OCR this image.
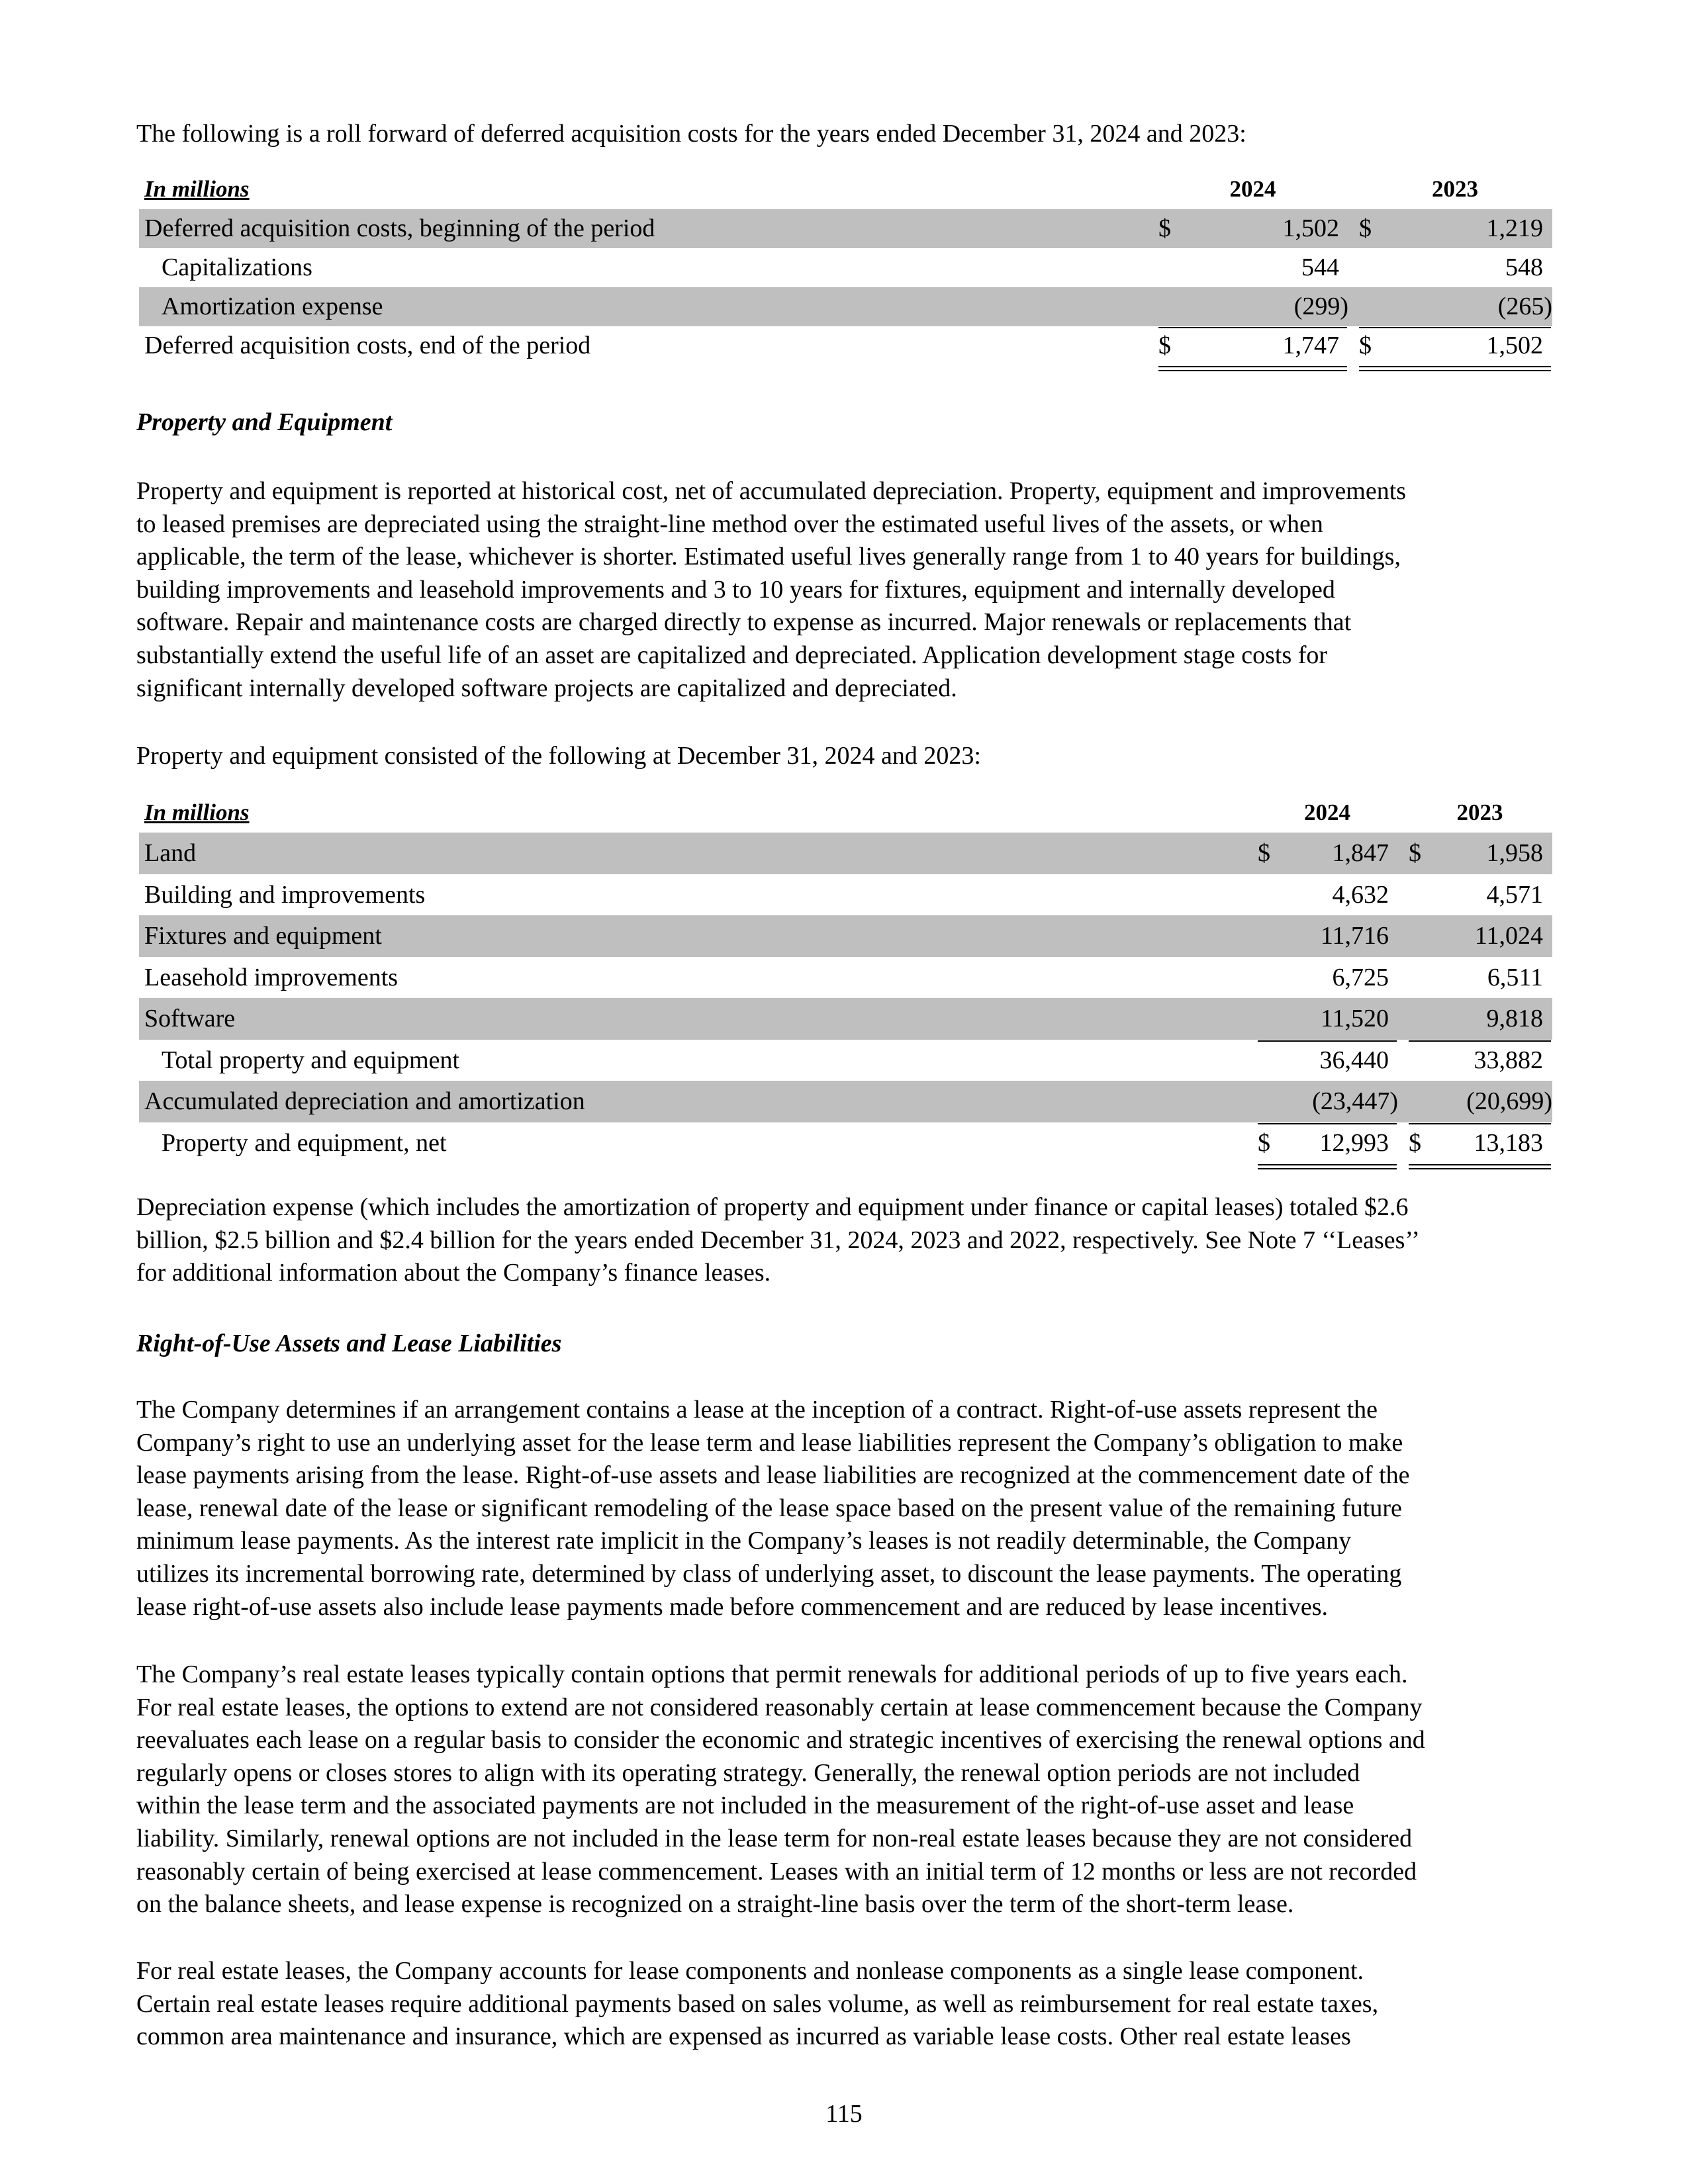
The following is a roll forward of deferred acquisition costs for the years ended December 31, 2024 and 2023:

In millions	2024	2023
Deferred acquisition costs, beginning of the period	$	1,502 $	1,219
Capitalizations	544	548
Amortization expense	(299)	(265)
Deferred acquisition costs, end of the period	$	1,747 $	1,502

Property and Equipment

Property and equipment is reported at historical cost, net of accumulated depreciation. Property, equipment and improvements
to leased premises are depreciated using the straight-line method over the estimated useful lives of the assets, or when
applicable, the term of the lease, whichever is shorter. Estimated useful lives generally range from 1 to 40 years for buildings,
building improvements and leasehold improvements and 3 to 10 years for fixtures, equipment and internally developed
software. Repair and maintenance costs are charged directly to expense as incurred. Major renewals or replacements that
substantially extend the useful life of an asset are capitalized and depreciated. Application development stage costs for
significant internally developed software projects are capitalized and depreciated.

Property and equipment consisted of the following at December 31, 2024 and 2023:

In millions	2024	2023
Land	$ 1,847 $	1,958
Building and improvements	4,632	4,571
Fixtures and equipment	11,716	11,024
Leasehold improvements	6,725	6,511
Software	11,520	9,818
Total property and equipment	36,440	33,882
Accumulated depreciation and amortization	(23,447)	(20,699)
Property and equipment, net	$ 12,993 $ 13,183
Depreciation expense (which includes the amortization of property and equipment under finance or capital leases) totaled $2.6
billion, $2.5 billion and $2.4 billion for the years ended December 31, 2024, 2023 and 2022, respectively. See Note 7 ‘‘Leases’’
for additional information about the Company’s finance leases.

Right-of-Use Assets and Lease Liabilities

The Company determines if an arrangement contains a lease at the inception of a contract. Right-of-use assets represent the
Company’s right to use an underlying asset for the lease term and lease liabilities represent the Company’s obligation to make
lease payments arising from the lease. Right-of-use assets and lease liabilities are recognized at the commencement date of the
lease, renewal date of the lease or significant remodeling of the lease space based on the present value of the remaining future
minimum lease payments. As the interest rate implicit in the Company’s leases is not readily determinable, the Company
utilizes its incremental borrowing rate, determined by class of underlying asset, to discount the lease payments. The operating
lease right-of-use assets also include lease payments made before commencement and are reduced by lease incentives.
The Company’s real estate leases typically contain options that permit renewals for additional periods of up to five years each.
For real estate leases, the options to extend are not considered reasonably certain at lease commencement because the Company
reevaluates each lease on a regular basis to consider the economic and strategic incentives of exercising the renewal options and
regularly opens or closes stores to align with its operating strategy. Generally, the renewal option periods are not included
within the lease term and the associated payments are not included in the measurement of the right-of-use asset and lease
liability. Similarly, renewal options are not included in the lease term for non-real estate leases because they are not considered
reasonably certain of being exercised at lease commencement. Leases with an initial term of 12 months or less are not recorded
on the balance sheets, and lease expense is recognized on a straight-line basis over the term of the short-term lease.
For real estate leases, the Company accounts for lease components and nonlease components as a single lease component.
Certain real estate leases require additional payments based on sales volume, as well as reimbursement for real estate taxes,
common area maintenance and insurance, which are expensed as incurred as variable lease costs. Other real estate leases
115
